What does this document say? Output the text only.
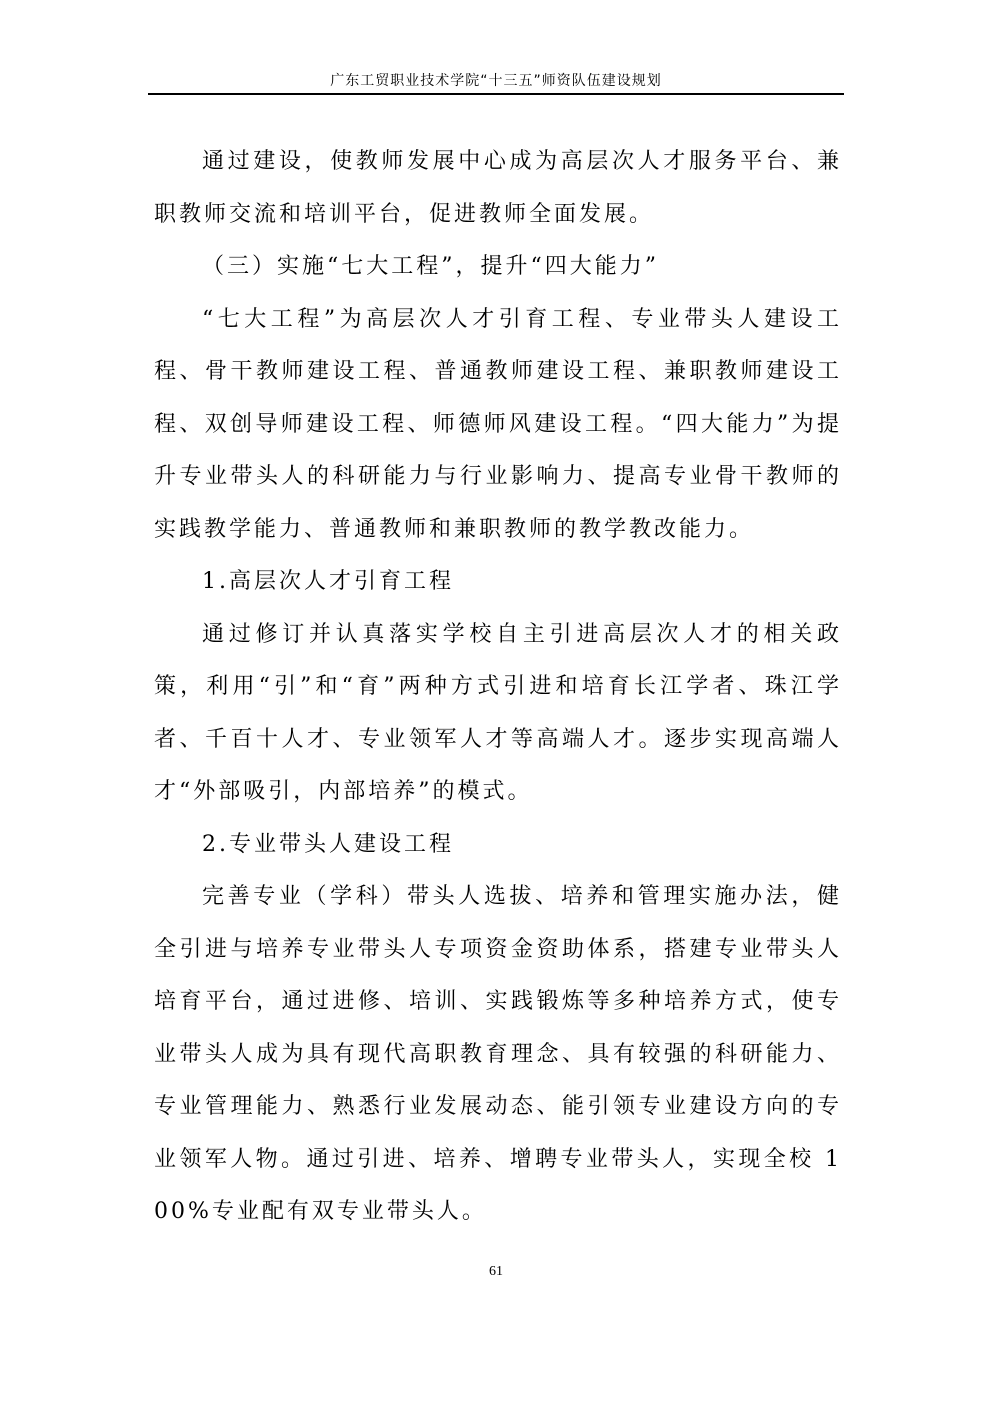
广东工贸职业技术学院“十三五”师资队伍建设规划

通过建设，使教师发展中心成为高层次人才服务平台、兼职教师交流和培训平台，促进教师全面发展。

（三）实施“七大工程”，提升“四大能力”

“七大工程”为高层次人才引育工程、专业带头人建设工程、骨干教师建设工程、普通教师建设工程、兼职教师建设工程、双创导师建设工程、师德师风建设工程。“四大能力”为提升专业带头人的科研能力与行业影响力、提高专业骨干教师的实践教学能力、普通教师和兼职教师的教学教改能力。

1.高层次人才引育工程

通过修订并认真落实学校自主引进高层次人才的相关政策，利用“引”和“育”两种方式引进和培育长江学者、珠江学者、千百十人才、专业领军人才等高端人才。逐步实现高端人才“外部吸引，内部培养”的模式。

2.专业带头人建设工程

完善专业（学科）带头人选拔、培养和管理实施办法，健全引进与培养专业带头人专项资金资助体系，搭建专业带头人培育平台，通过进修、培训、实践锻炼等多种培养方式，使专业带头人成为具有现代高职教育理念、具有较强的科研能力、专业管理能力、熟悉行业发展动态、能引领专业建设方向的专业领军人物。通过引进、培养、增聘专业带头人，实现全校 100%专业配有双专业带头人。

61
